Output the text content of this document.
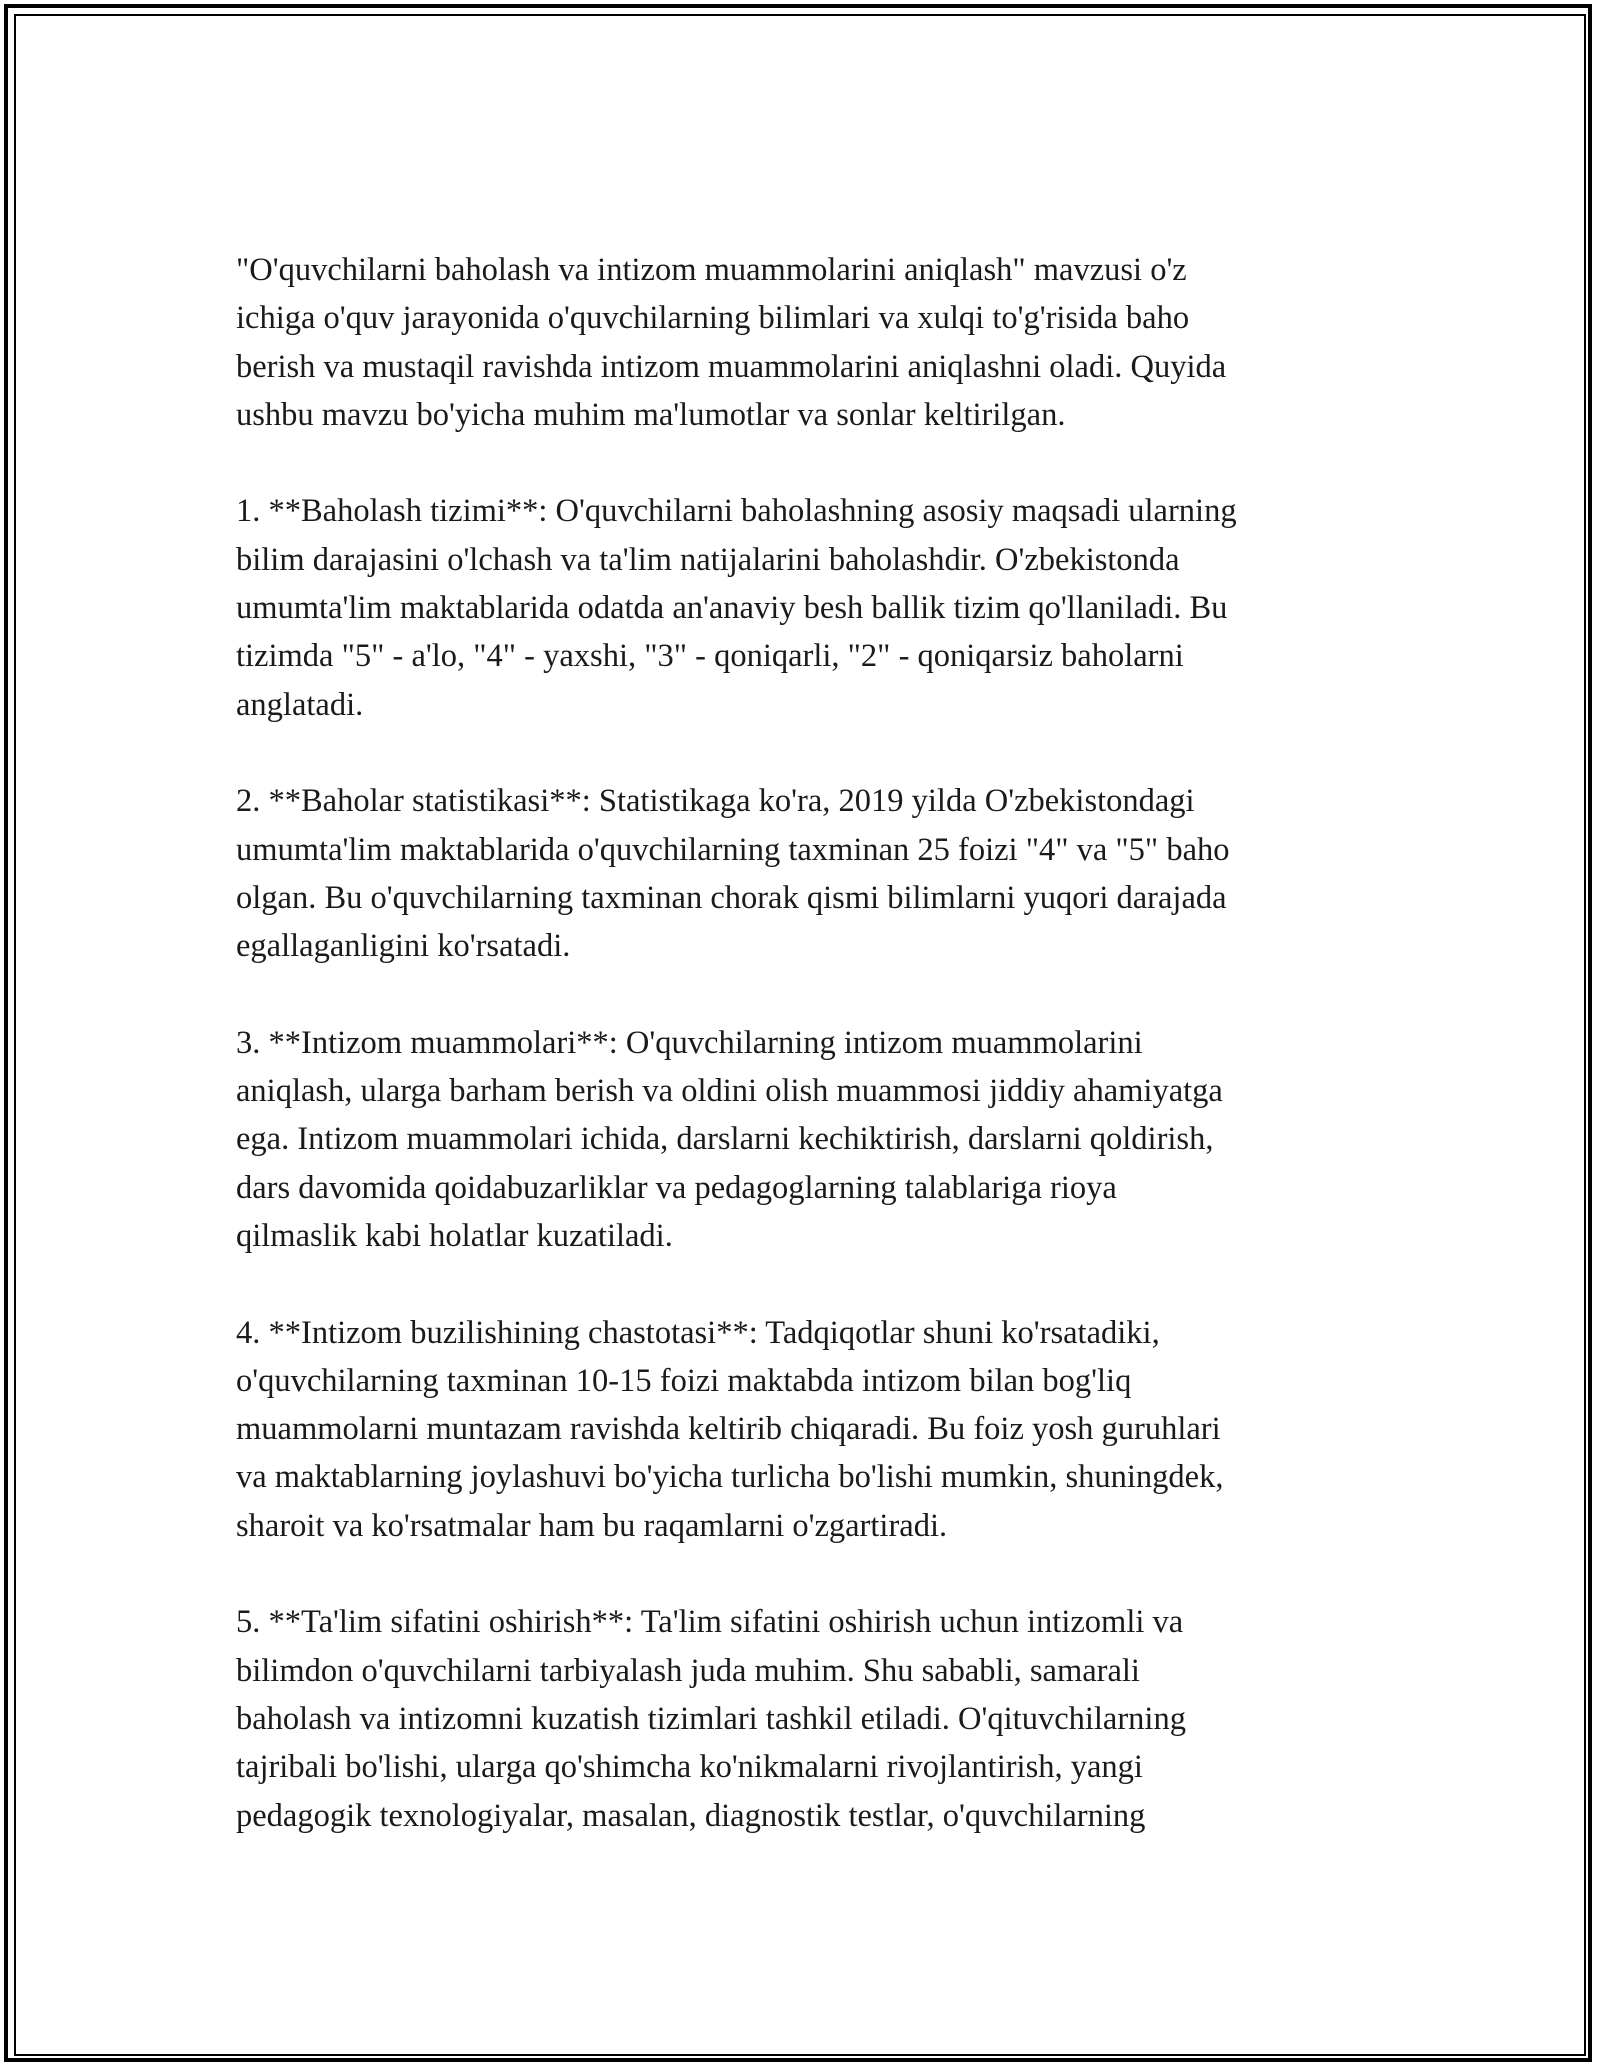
"O'quvchilarni baholash va intizom muammolarini aniqlash" mavzusi o'z
ichiga o'quv jarayonida o'quvchilarning bilimlari va xulqi to'g'risida baho
berish va mustaqil ravishda intizom muammolarini aniqlashni oladi. Quyida
ushbu mavzu bo'yicha muhim ma'lumotlar va sonlar keltirilgan.

1. **Baholash tizimi**: O'quvchilarni baholashning asosiy maqsadi ularning
bilim darajasini o'lchash va ta'lim natijalarini baholashdir. O'zbekistonda
umumta'lim maktablarida odatda an'anaviy besh ballik tizim qo'llaniladi. Bu
tizimda "5" - a'lo, "4" - yaxshi, "3" - qoniqarli, "2" - qoniqarsiz baholarni
anglatadi.

2. **Baholar statistikasi**: Statistikaga ko'ra, 2019 yilda O'zbekistondagi
umumta'lim maktablarida o'quvchilarning taxminan 25 foizi "4" va "5" baho
olgan. Bu o'quvchilarning taxminan chorak qismi bilimlarni yuqori darajada
egallaganligini ko'rsatadi.

3. **Intizom muammolari**: O'quvchilarning intizom muammolarini
aniqlash, ularga barham berish va oldini olish muammosi jiddiy ahamiyatga
ega. Intizom muammolari ichida, darslarni kechiktirish, darslarni qoldirish,
dars davomida qoidabuzarliklar va pedagoglarning talablariga rioya
qilmaslik kabi holatlar kuzatiladi.

4. **Intizom buzilishining chastotasi**: Tadqiqotlar shuni ko'rsatadiki,
o'quvchilarning taxminan 10-15 foizi maktabda intizom bilan bog'liq
muammolarni muntazam ravishda keltirib chiqaradi. Bu foiz yosh guruhlari
va maktablarning joylashuvi bo'yicha turlicha bo'lishi mumkin, shuningdek,
sharoit va ko'rsatmalar ham bu raqamlarni o'zgartiradi.

5. **Ta'lim sifatini oshirish**: Ta'lim sifatini oshirish uchun intizomli va
bilimdon o'quvchilarni tarbiyalash juda muhim. Shu sababli, samarali
baholash va intizomni kuzatish tizimlari tashkil etiladi. O'qituvchilarning
tajribali bo'lishi, ularga qo'shimcha ko'nikmalarni rivojlantirish, yangi
pedagogik texnologiyalar, masalan, diagnostik testlar, o'quvchilarning
